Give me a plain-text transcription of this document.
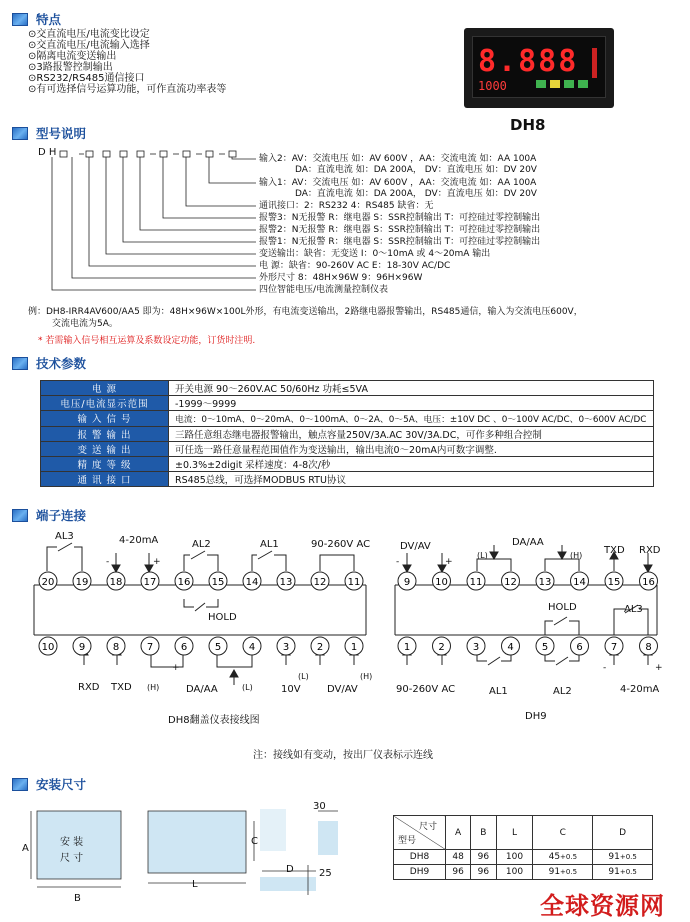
特点
⊙交直流电压/电流变比设定
⊙交直流电压/电流输入选择
⊙隔离电流变送输出
⊙3路报警控制输出
⊙RS232/RS485通信接口
⊙有可选择信号运算功能，可作直流功率表等
8.888
1000
DH8
型号说明
D H
输入2：AV：交流电压 如：AV 600V ，AA：交流电流 如：AA 100A
DA：直流电流 如：DA 200A， DV：直流电压 如：DV 20V
输入1：AV：交流电压 如：AV 600V ，AA：交流电流 如：AA 100A
DA：直流电流 如：DA 200A， DV：直流电压 如：DV 20V
通讯接口：2：RS232 4：RS485 缺省：无
报警3：N无报警 R：继电器 S：SSR控制输出 T：可控硅过零控制输出
报警2：N无报警 R：继电器 S：SSR控制输出 T：可控硅过零控制输出
报警1：N无报警 R：继电器 S：SSR控制输出 T：可控硅过零控制输出
变送输出：缺省：无变送 I：0～10mA 或 4～20mA 输出
电 源：缺省：90-260V AC E：18-30V AC/DC
外形尺寸 8：48H×96W 9：96H×96W
四位智能电压/电流测量控制仪表
例：DH8-IRR4AV600/AA5 即为：48H×96W×100L外形，有电流变送输出，2路继电器报警输出，RS485通信，输入为交流电压600V，
交流电流为5A。
* 若需输入信号相互运算及系数设定功能，订货时注明.
技术参数
电 源	开关电源 90～260V.AC 50/60Hz 功耗≤5VA
电压/电流显示范围	-1999～9999
输 入 信 号	电流：0～10mA、0～20mA、0～100mA、0～2A、0～5A、电压：±10V DC 、0～100V AC/DC、0～600V AC/DC
报 警 输 出	三路任意组态继电器报警输出，触点容量250V/3A.AC 30V/3A.DC，可作多种组合控制
变 送 输 出	可任选一路任意量程范围值作为变送输出，输出电流0～20mA内可数字调整.
精 度 等 级	±0.3%±2digit 采样速度：4-8次/秒
通 讯 接 口	RS485总线，可选择MODBUS RTU协议
端子连接
20 19 18 17 16 15 14 13 12 11
10 9	8	7	6	5	4	3	2	1
AL3	4-20mA	AL2	AL1	90-260V AC
HOLD
-	+
RXD TXD (H)	DA/AA	(L)	10V
(L)
DV/AV
(H)
+
DH8翻盖仪表接线图
9 10 11 12 13 14 15 16
1	2	3	4	5	6	7	8
DV/AV
(L)
DA/AA
(H) TXD RXD
HOLD	AL3
90-260V AC	AL1	AL2	4-20mA
-	+
-	+
DH9
注：接线如有变动，按出厂仪表标示连线
安装尺寸
安 装
尺 寸
A
B
L
C
D
30
25
尺寸
型号	A	B	L	C	D
DH8	48	96	100	45+0.5	91+0.5
DH9	96	96	100	91+0.5	91+0.5
全球资源网
